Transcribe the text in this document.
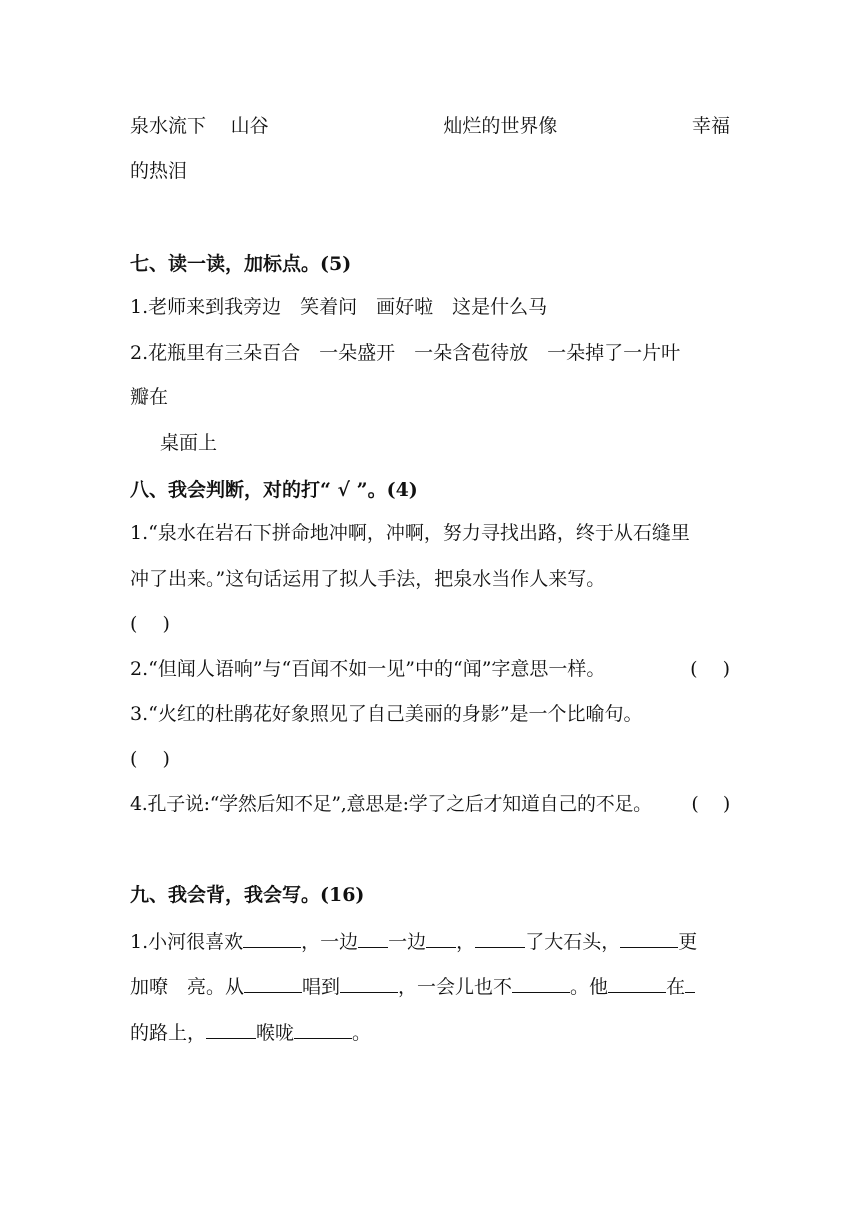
泉水流下 山谷	灿烂的世界像	幸福
的热泪
七、读一读，加标点。(5)
1.老师来到我旁边　笑着问　画好啦　这是什么马
2.花瓶里有三朵百合　一朵盛开　一朵含苞待放　一朵掉了一片叶
瓣在
桌面上
八、我会判断，对的打“ √ ”。(4)
1.“泉水在岩石下拼命地冲啊，冲啊，努力寻找出路，终于从石缝里
冲了出来。”这句话运用了拟人手法，把泉水当作人来写。
(　 )
2.“但闻人语响”与“百闻不如一见”中的“闻”字意思一样。	(　 )
3.“火红的杜鹃花好象照见了自己美丽的身影”是一个比喻句。
(　 )
4.孔子说:“学然后知不足”,意思是:学了之后才知道自己的不足。 (　 )
九、我会背，我会写。(16)
1.小河很喜欢	，一边 一边 ，	了大石头，	更
加嘹　亮。从	唱到	，一会儿也不	。他	在
的路上，	喉咙	。
